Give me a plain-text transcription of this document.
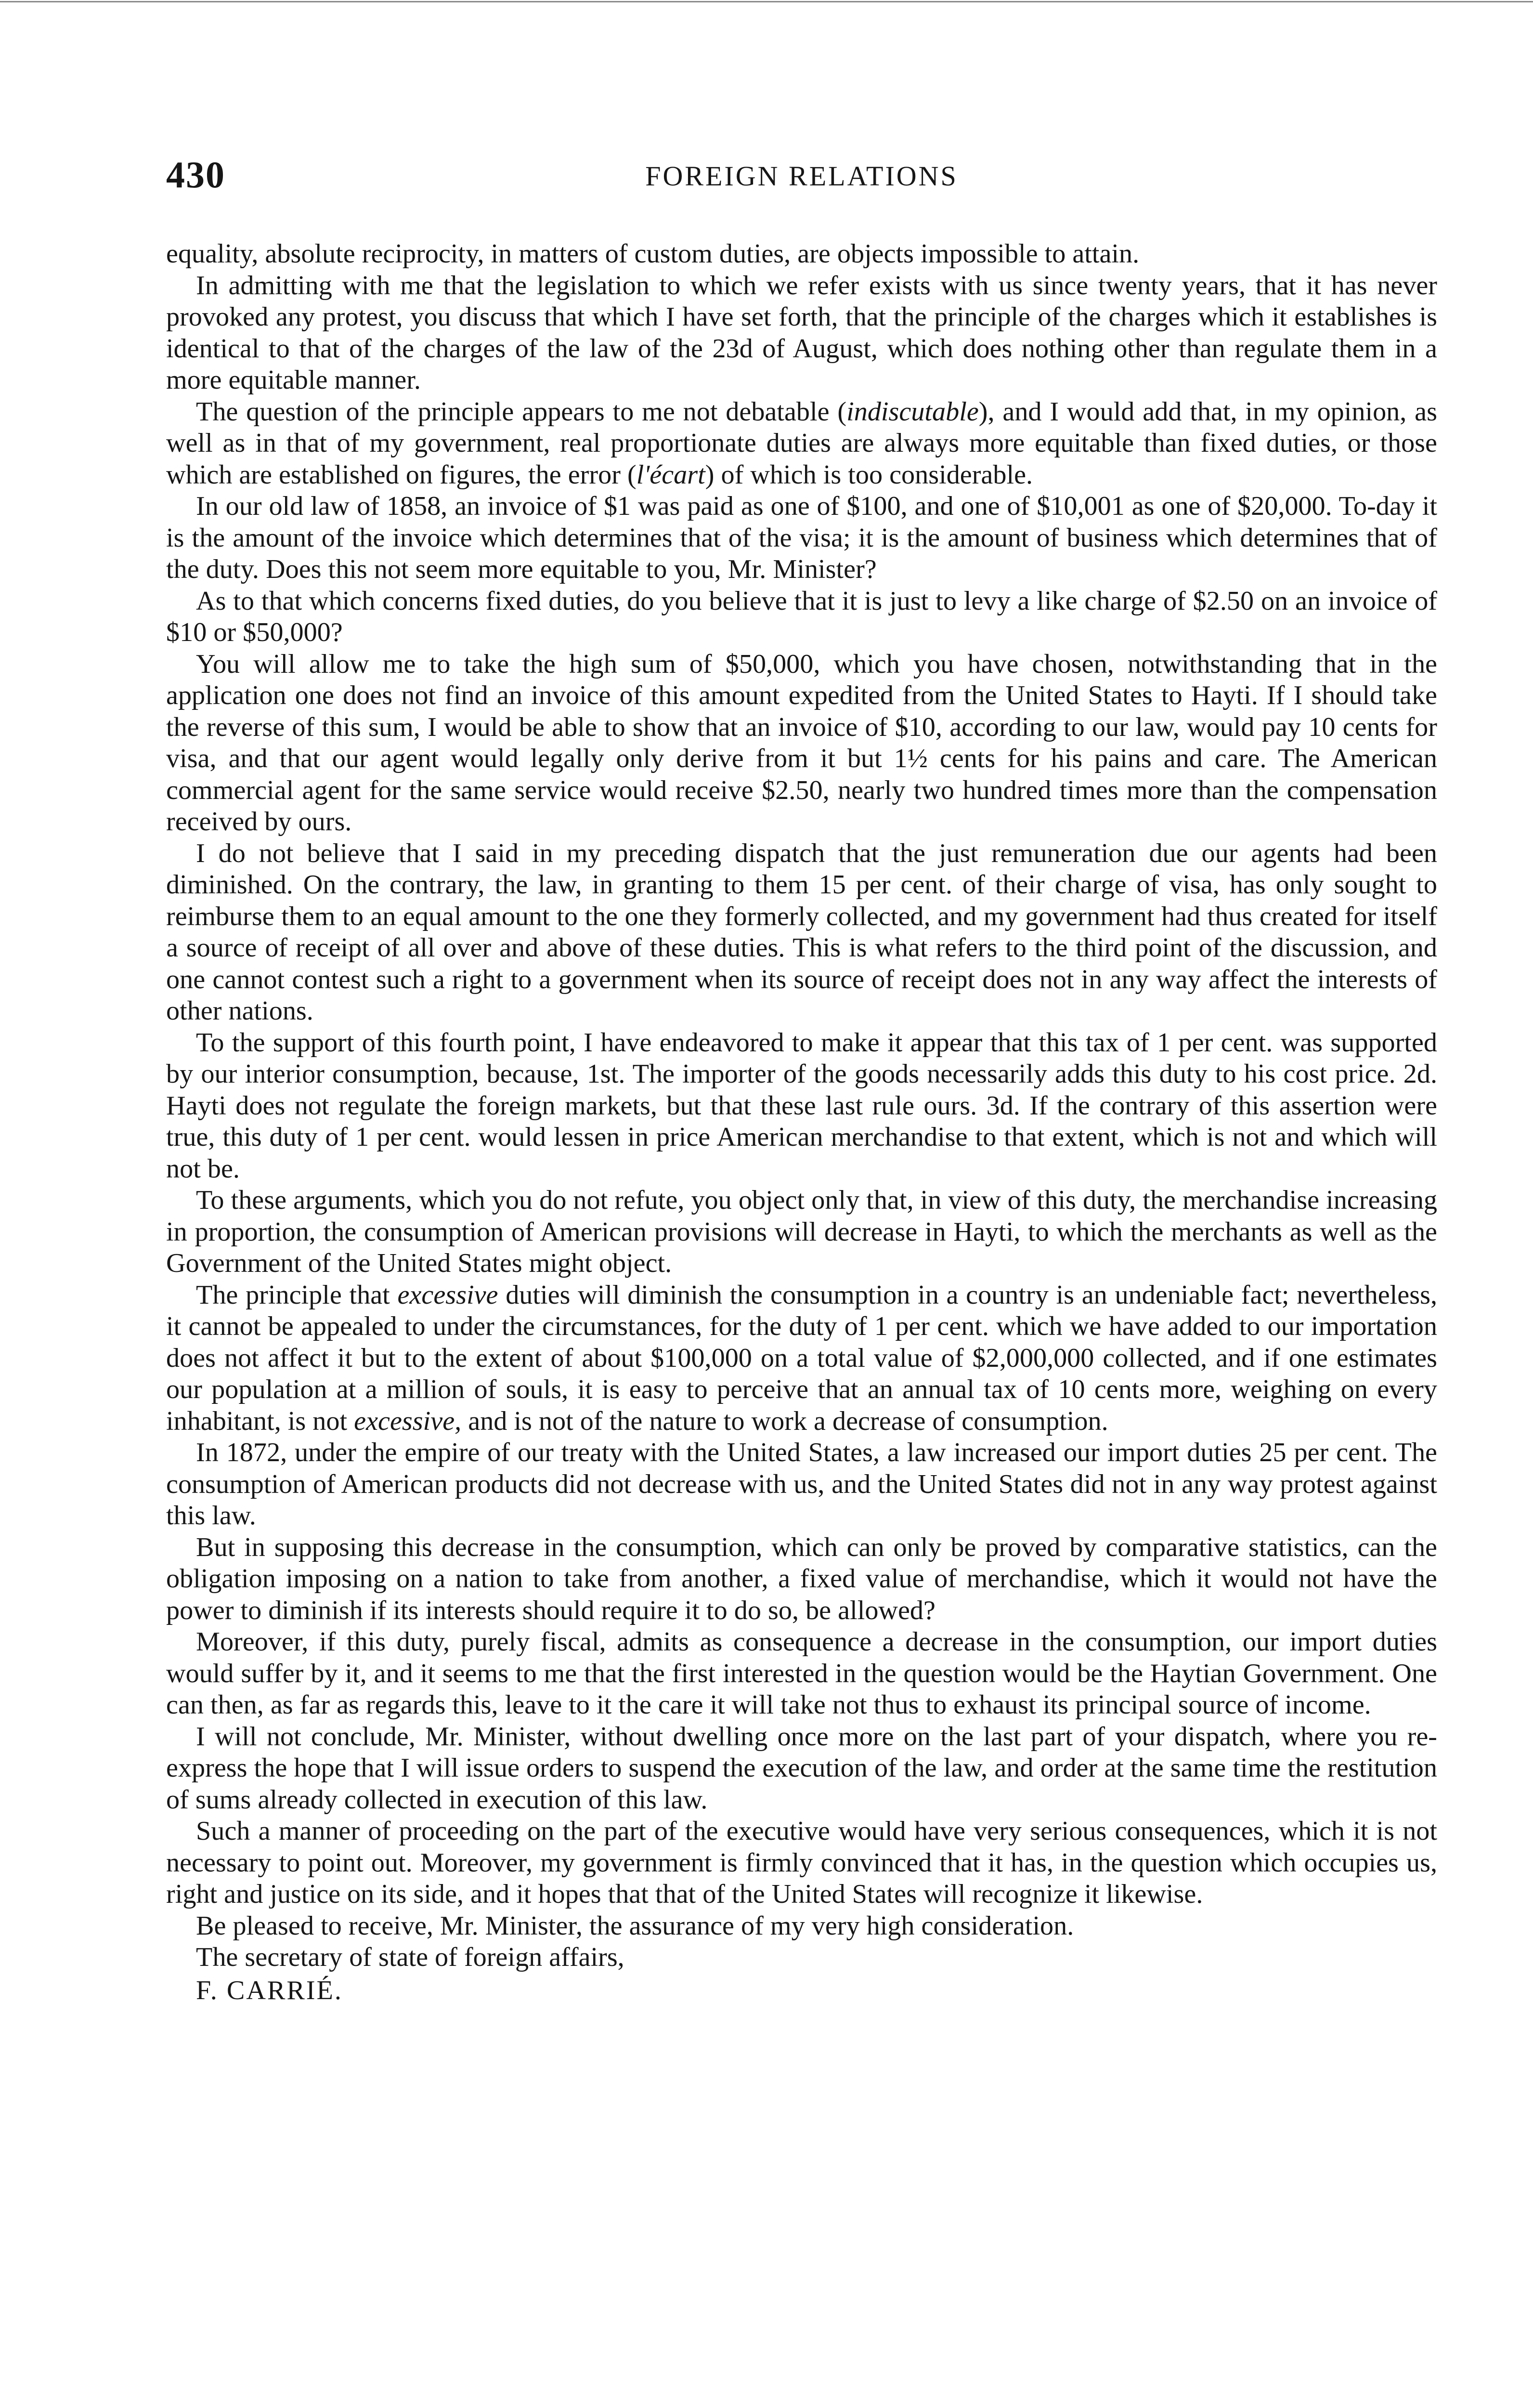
430	FOREIGN RELATIONS

equality, absolute reciprocity, in matters of custom duties, are objects impossible to attain.

In admitting with me that the legislation to which we refer exists with us since twenty years, that it has never provoked any protest, you discuss that which I have set forth, that the principle of the charges which it establishes is identical to that of the charges of the law of the 23d of August, which does nothing other than regulate them in a more equitable manner.

The question of the principle appears to me not debatable (indiscutable), and I would add that, in my opinion, as well as in that of my government, real proportionate duties are always more equitable than fixed duties, or those which are established on figures, the error (l'écart) of which is too considerable.

In our old law of 1858, an invoice of $1 was paid as one of $100, and one of $10,001 as one of $20,000. To-day it is the amount of the invoice which determines that of the visa; it is the amount of business which determines that of the duty. Does this not seem more equitable to you, Mr. Minister?

As to that which concerns fixed duties, do you believe that it is just to levy a like charge of $2.50 on an invoice of $10 or $50,000?

You will allow me to take the high sum of $50,000, which you have chosen, notwithstanding that in the application one does not find an invoice of this amount expedited from the United States to Hayti. If I should take the reverse of this sum, I would be able to show that an invoice of $10, according to our law, would pay 10 cents for visa, and that our agent would legally only derive from it but 1½ cents for his pains and care. The American commercial agent for the same service would receive $2.50, nearly two hundred times more than the compensation received by ours.

I do not believe that I said in my preceding dispatch that the just remuneration due our agents had been diminished. On the contrary, the law, in granting to them 15 per cent. of their charge of visa, has only sought to reimburse them to an equal amount to the one they formerly collected, and my government had thus created for itself a source of receipt of all over and above of these duties. This is what refers to the third point of the discussion, and one cannot contest such a right to a government when its source of receipt does not in any way affect the interests of other nations.

To the support of this fourth point, I have endeavored to make it appear that this tax of 1 per cent. was supported by our interior consumption, because, 1st. The importer of the goods necessarily adds this duty to his cost price. 2d. Hayti does not regulate the foreign markets, but that these last rule ours. 3d. If the contrary of this assertion were true, this duty of 1 per cent. would lessen in price American merchandise to that extent, which is not and which will not be.

To these arguments, which you do not refute, you object only that, in view of this duty, the merchandise increasing in proportion, the consumption of American provisions will decrease in Hayti, to which the merchants as well as the Government of the United States might object.

The principle that excessive duties will diminish the consumption in a country is an undeniable fact; nevertheless, it cannot be appealed to under the circumstances, for the duty of 1 per cent. which we have added to our importation does not affect it but to the extent of about $100,000 on a total value of $2,000,000 collected, and if one estimates our population at a million of souls, it is easy to perceive that an annual tax of 10 cents more, weighing on every inhabitant, is not excessive, and is not of the nature to work a decrease of consumption.

In 1872, under the empire of our treaty with the United States, a law increased our import duties 25 per cent. The consumption of American products did not decrease with us, and the United States did not in any way protest against this law.

But in supposing this decrease in the consumption, which can only be proved by comparative statistics, can the obligation imposing on a nation to take from another, a fixed value of merchandise, which it would not have the power to diminish if its interests should require it to do so, be allowed?

Moreover, if this duty, purely fiscal, admits as consequence a decrease in the consumption, our import duties would suffer by it, and it seems to me that the first interested in the question would be the Haytian Government. One can then, as far as regards this, leave to it the care it will take not thus to exhaust its principal source of income.

I will not conclude, Mr. Minister, without dwelling once more on the last part of your dispatch, where you re-express the hope that I will issue orders to suspend the execution of the law, and order at the same time the restitution of sums already collected in execution of this law.

Such a manner of proceeding on the part of the executive would have very serious consequences, which it is not necessary to point out. Moreover, my government is firmly convinced that it has, in the question which occupies us, right and justice on its side, and it hopes that that of the United States will recognize it likewise.

Be pleased to receive, Mr. Minister, the assurance of my very high consideration.

The secretary of state of foreign affairs,

F. CARRIÉ.
